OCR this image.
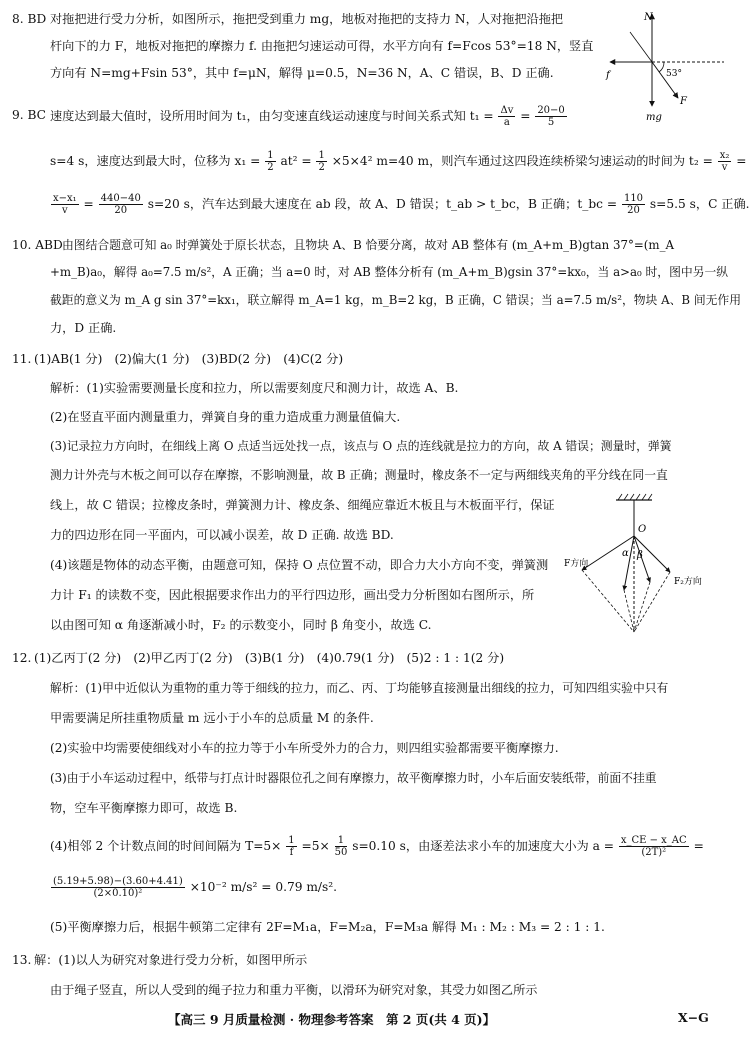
8. BD 对拖把进行受力分析，如图所示，拖把受到重力 mg，地板对拖把的支持力 N，人对拖把沿拖把
杆向下的力 F，地板对拖把的摩擦力 f. 由拖把匀速运动可得，水平方向有 f=Fcos 53°=18 N，竖直
方向有 N=mg+Fsin 53°，其中 f=μN，解得 μ=0.5，N=36 N，A、C 错误，B、D 正确.
N
f	53°
F
mg
9. BC 速度达到最大值时，设所用时间为 t₁，由匀变速直线运动速度与时间关系式知 $t_1 = \frac{\Delta v}{a} = \frac{20-0}{5}$
s=4 s，速度达到最大时，位移为 $x_1 = \frac{1}{2} at^2 = \frac{1}{2} \times 5\times 4^2$ m=40 m，则汽车通过这四段连续桥梁匀速运动的时间为 $t_2 = \frac{\text{x₂}}{v}$ =
$\frac{\text{x−x₁}}{v} = \frac{440-40}{20} s=20$ s，汽车达到最大速度在 ab 段，故 A、D 错误；t_ab > t_bc，B 正确；t_bc = $\frac{110}{20} s=5.5$ s，C 正确.
10. ABD 由图结合题意可知 a₀ 时弹簧处于原长状态，且物块 A、B 恰要分离，故对 AB 整体有 (m_A+m_B)gtan 37°=(m_A
+m_B)a₀，解得 a₀=7.5 m/s²，A 正确；当 a=0 时，对 AB 整体分析有 (m_A+m_B)gsin 37°=kx₀，当 a>a₀ 时，图中另一纵
截距的意义为 m_A g sin 37°=kx₁，联立解得 m_A=1 kg，m_B=2 kg，B 正确，C 错误；当 a=7.5 m/s²，物块 A、B 间无作用
力，D 正确.
11. (1)AB(1 分)　(2)偏大(1 分)　(3)BD(2 分)　(4)C(2 分)
解析：(1)实验需要测量长度和拉力，所以需要刻度尺和测力计，故选 A、B.
(2)在竖直平面内测量重力，弹簧自身的重力造成重力测量值偏大.
(3)记录拉力方向时，在细线上离 O 点适当远处找一点，该点与 O 点的连线就是拉力的方向，故 A 错误；测量时，弹簧
测力计外壳与木板之间可以存在摩擦，不影响测量，故 B 正确；测量时，橡皮条不一定与两细线夹角的平分线在同一直
线上，故 C 错误；拉橡皮条时，弹簧测力计、橡皮条、细绳应靠近木板且与木板面平行，保证
力的四边形在同一平面内，可以减小误差，故 D 正确. 故选 BD.
(4)该题是物体的动态平衡，由题意可知，保持 O 点位置不动，即合力大小方向不变，弹簧测
力计 F₁ 的读数不变，因此根据要求作出力的平行四边形，画出受力分析图如右图所示，所
以由图可知 α 角逐渐减小时，F₂ 的示数变小，同时 β 角变小，故选 C.
O
α β
F方向
F₂方向
12. (1)乙丙丁(2 分)　(2)甲乙丙丁(2 分)　(3)B(1 分)　(4)0.79(1 分)　(5)2 : 1 : 1(2 分)
解析：(1)甲中近似认为重物的重力等于细线的拉力，而乙、丙、丁均能够直接测量出细线的拉力，可知四组实验中只有
甲需要满足所挂重物质量 m 远小于小车的总质量 M 的条件.
(2)实验中均需要使细线对小车的拉力等于小车所受外力的合力，则四组实验都需要平衡摩擦力.
(3)由于小车运动过程中，纸带与打点计时器限位孔之间有摩擦力，故平衡摩擦力时，小车后面安装纸带，前面不挂重
物，空车平衡摩擦力即可，故选 B.
(4)相邻 2 个计数点间的时间间隔为 $T=5\times \frac{1}{f} =5\times \frac{1}{50} s=0.10$ s，由逐差法求小车的加速度大小为 $a = \frac{x\_CE - x\_AC}{\text{(2T)²}}$ =
$\frac{(5.19+5.98)-(3.60+4.41)}{\text{(2×0.10)²}} \times 10^{-2}$ m/s² = 0.79 m/s².
(5)平衡摩擦力后，根据牛顿第二定律有 2F=M₁a，F=M₂a，F=M₃a 解得 M₁ : M₂ : M₃ = 2 : 1 : 1.
13. 解：(1)以人为研究对象进行受力分析，如图甲所示
由于绳子竖直，所以人受到的绳子拉力和重力平衡，以滑环为研究对象，其受力如图乙所示
【高三 9 月质量检测 · 物理参考答案　第 2 页(共 4 页)】	X−G
